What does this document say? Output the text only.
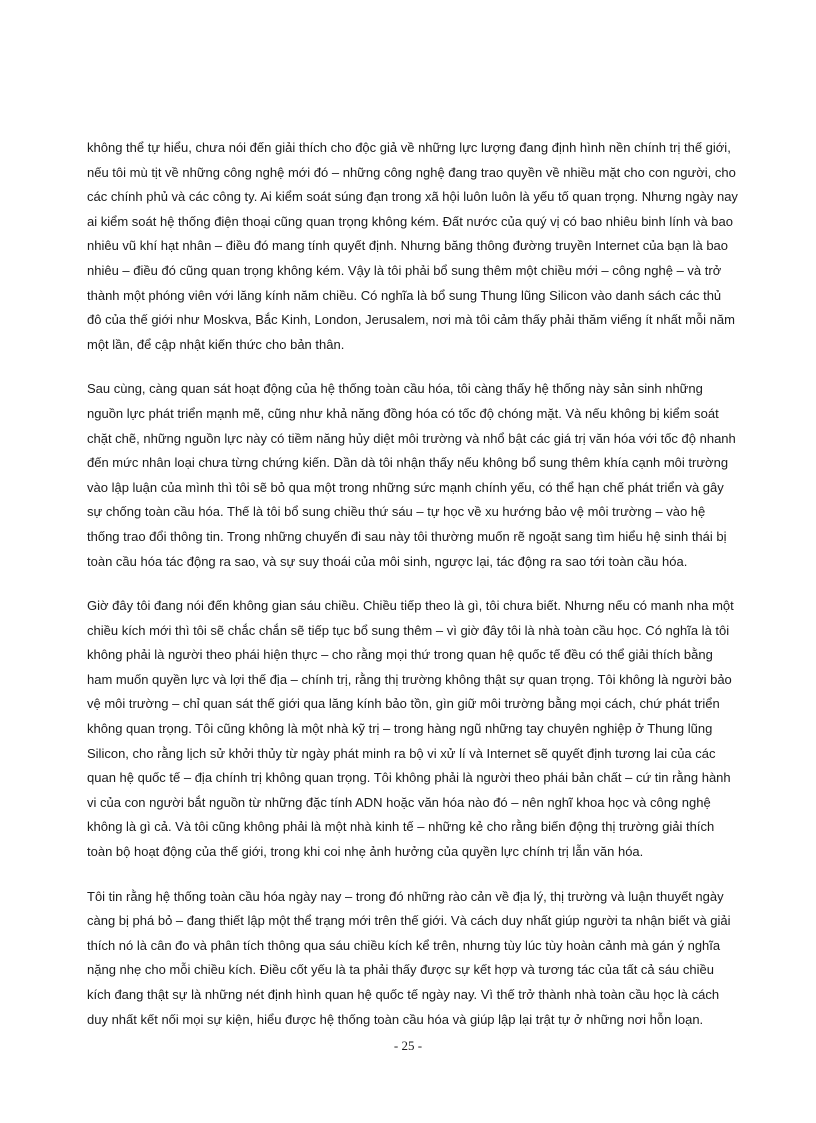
không thể tự hiểu, chưa nói đến giải thích cho độc giả về những lực lượng đang định hình nền chính trị thế giới, nếu tôi mù tịt về những công nghệ mới đó – những công nghệ đang trao quyền về nhiều mặt cho con người, cho các chính phủ và các công ty. Ai kiểm soát súng đạn trong xã hội luôn luôn là yếu tố quan trọng. Nhưng ngày nay ai kiểm soát hệ thống điện thoại cũng quan trọng không kém. Đất nước của quý vị có bao nhiêu binh lính và bao nhiêu vũ khí hạt nhân – điều đó mang tính quyết định. Nhưng băng thông đường truyền Internet của bạn là bao nhiêu – điều đó cũng quan trọng không kém. Vậy là tôi phải bổ sung thêm một chiều mới – công nghệ – và trở thành một phóng viên với lăng kính năm chiều. Có nghĩa là bổ sung Thung lũng Silicon vào danh sách các thủ đô của thế giới như Moskva, Bắc Kinh, London, Jerusalem, nơi mà tôi cảm thấy phải thăm viếng ít nhất mỗi năm một lần, để cập nhật kiến thức cho bản thân.

Sau cùng, càng quan sát hoạt động của hệ thống toàn cầu hóa, tôi càng thấy hệ thống này sản sinh những nguồn lực phát triển mạnh mẽ, cũng như khả năng đồng hóa có tốc độ chóng mặt. Và nếu không bị kiểm soát chặt chẽ, những nguồn lực này có tiềm năng hủy diệt môi trường và nhổ bật các giá trị văn hóa với tốc độ nhanh đến mức nhân loại chưa từng chứng kiến. Dần dà tôi nhận thấy nếu không bổ sung thêm khía cạnh môi trường vào lập luận của mình thì tôi sẽ bỏ qua một trong những sức mạnh chính yếu, có thể hạn chế phát triển và gây sự chống toàn cầu hóa. Thế là tôi bổ sung chiều thứ sáu – tự học về xu hướng bảo vệ môi trường – vào hệ thống trao đổi thông tin. Trong những chuyến đi sau này tôi thường muốn rẽ ngoặt sang tìm hiểu hệ sinh thái bị toàn cầu hóa tác động ra sao, và sự suy thoái của môi sinh, ngược lại, tác động ra sao tới toàn cầu hóa.

Giờ đây tôi đang nói đến không gian sáu chiều. Chiều tiếp theo là gì, tôi chưa biết. Nhưng nếu có manh nha một chiều kích mới thì tôi sẽ chắc chắn sẽ tiếp tục bổ sung thêm – vì giờ đây tôi là nhà toàn cầu học. Có nghĩa là tôi không phải là người theo phái hiện thực – cho rằng mọi thứ trong quan hệ quốc tế đều có thể giải thích bằng ham muốn quyền lực và lợi thế địa – chính trị, rằng thị trường không thật sự quan trọng. Tôi không là người bảo vệ môi trường – chỉ quan sát thế giới qua lăng kính bảo tồn, gìn giữ môi trường bằng mọi cách, chứ phát triển không quan trọng. Tôi cũng không là một nhà kỹ trị – trong hàng ngũ những tay chuyên nghiệp ở Thung lũng Silicon, cho rằng lịch sử khởi thủy từ ngày phát minh ra bộ vi xử lí và Internet sẽ quyết định tương lai của các quan hệ quốc tế – địa chính trị không quan trọng. Tôi không phải là người theo phái bản chất – cứ tin rằng hành vi của con người bắt nguồn từ những đặc tính ADN hoặc văn hóa nào đó – nên nghĩ khoa học và công nghệ không là gì cả. Và tôi cũng không phải là một nhà kinh tế – những kẻ cho rằng biến động thị trường giải thích toàn bộ hoạt động của thế giới, trong khi coi nhẹ ảnh hưởng của quyền lực chính trị lẫn văn hóa.

Tôi tin rằng hệ thống toàn cầu hóa ngày nay – trong đó những rào cản về địa lý, thị trường và luận thuyết ngày càng bị phá bỏ – đang thiết lập một thể trạng mới trên thế giới. Và cách duy nhất giúp người ta nhận biết và giải thích nó là cân đo và phân tích thông qua sáu chiều kích kể trên, nhưng tùy lúc tùy hoàn cảnh mà gán ý nghĩa nặng nhẹ cho mỗi chiều kích. Điều cốt yếu là ta phải thấy được sự kết hợp và tương tác của tất cả sáu chiều kích đang thật sự là những nét định hình quan hệ quốc tế ngày nay. Vì thế trở thành nhà toàn cầu học là cách duy nhất kết nối mọi sự kiện, hiểu được hệ thống toàn cầu hóa và giúp lập lại trật tự ở những nơi hỗn loạn.

- 25 -
